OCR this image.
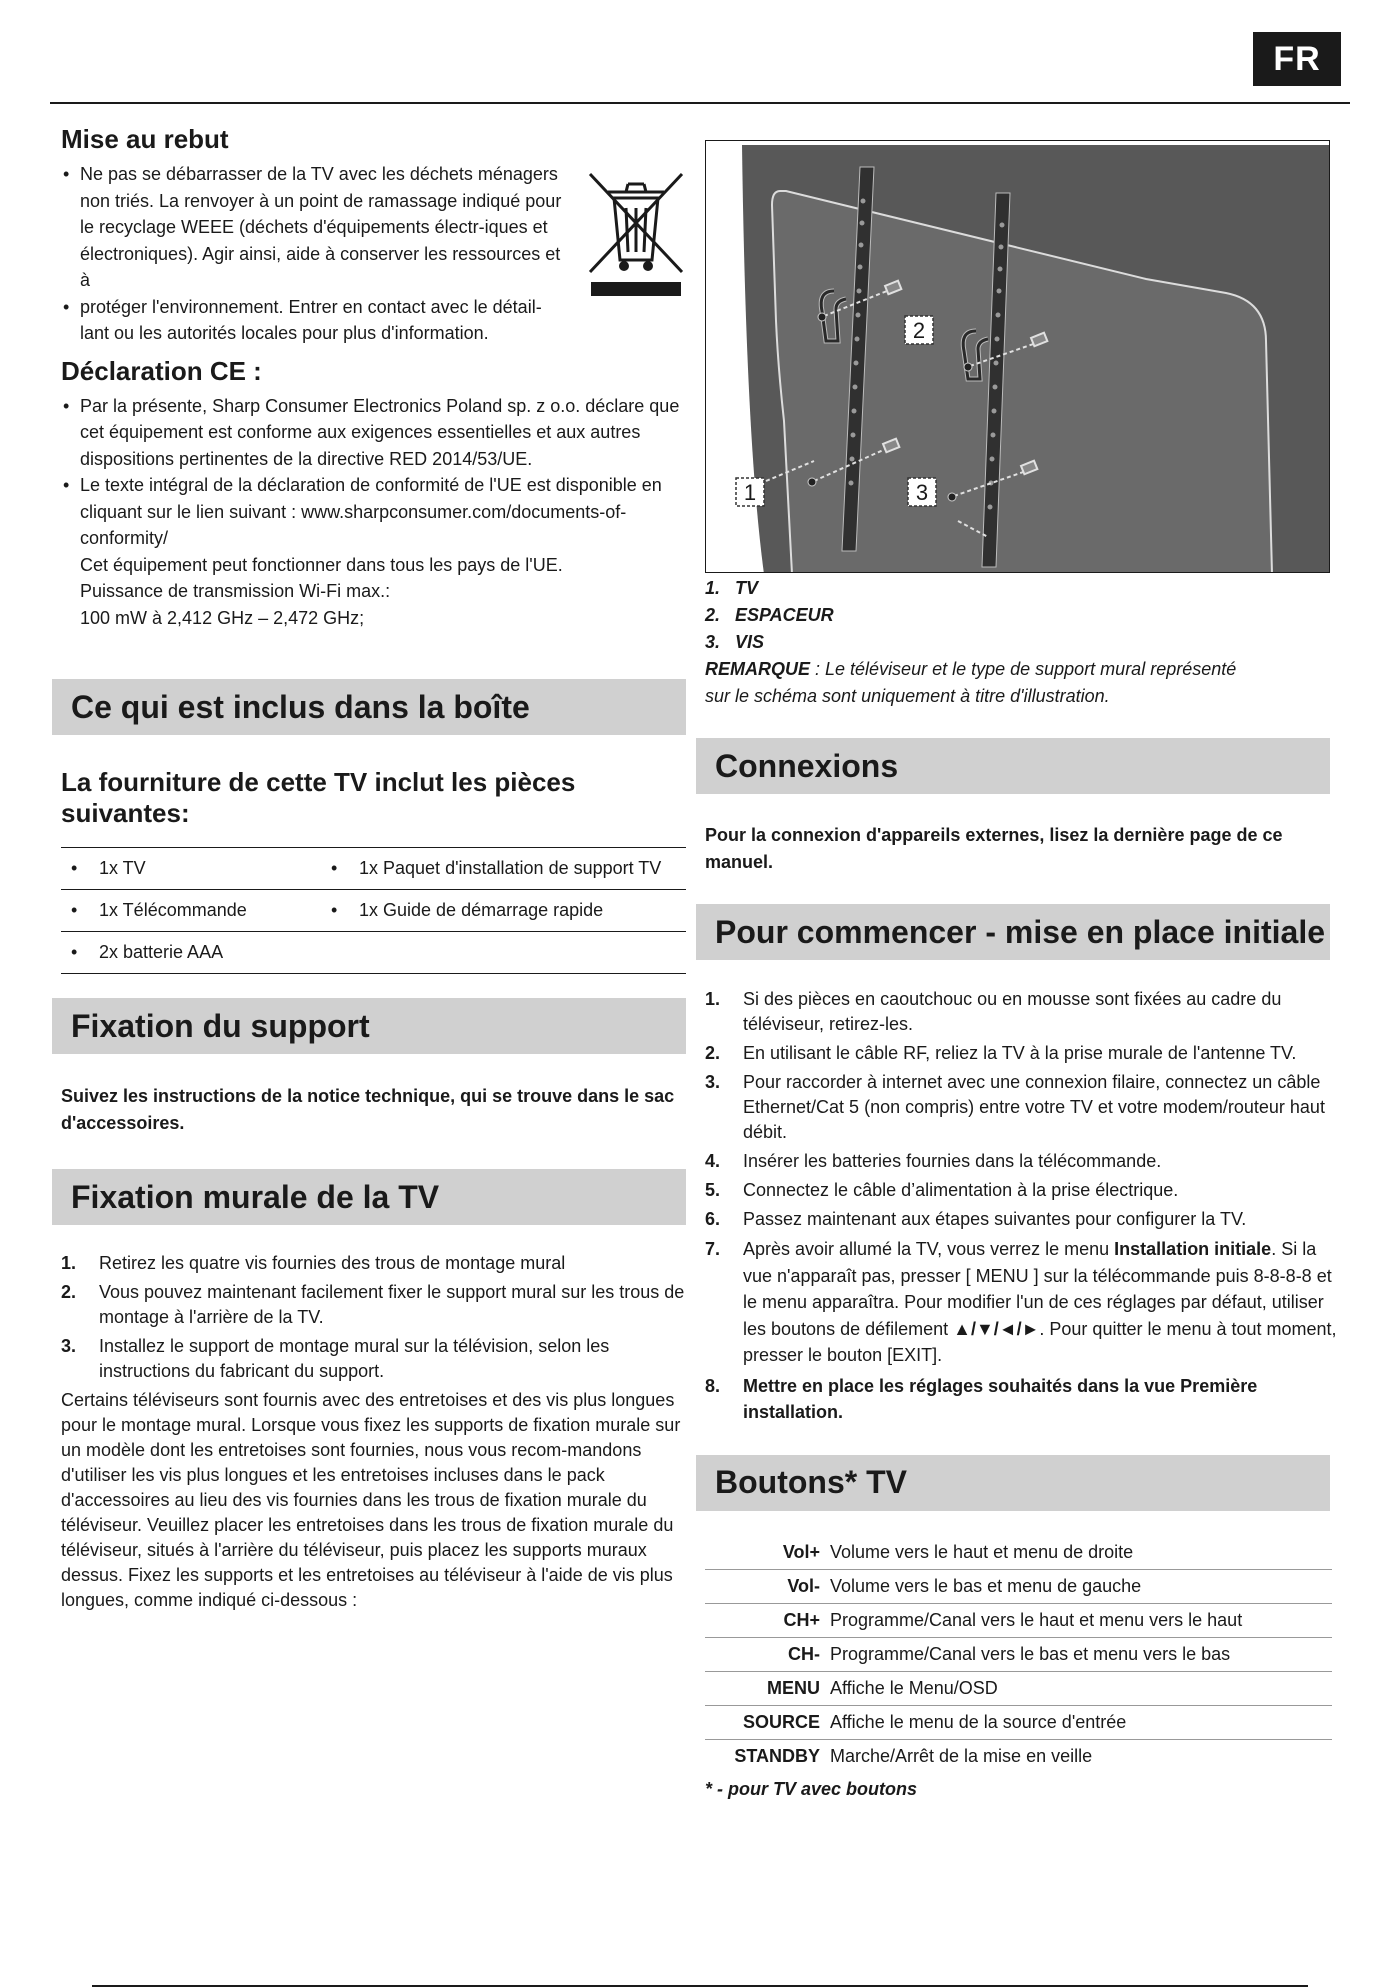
FR
Mise au rebut
• Ne pas se débarrasser de la TV avec les déchets ménagers non triés. La renvoyer à un point de ramassage indiqué pour le recyclage WEEE (déchets d'équipements électr-iques et électroniques). Agir ainsi, aide à conserver les ressources et à
• protéger l'environnement. Entrer en contact avec le détail-lant ou les autorités locales pour plus d'information.
Déclaration CE :
• Par la présente, Sharp Consumer Electronics Poland sp. z o.o. déclare que cet équipement est conforme aux exigences essentielles et aux autres dispositions pertinentes de la directive RED 2014/53/UE.
• Le texte intégral de la déclaration de conformité de l'UE est disponible en cliquant sur le lien suivant : www.sharpconsumer.com/documents-of-conformity/
Cet équipement peut fonctionner dans tous les pays de l'UE.
Puissance de transmission Wi-Fi max.:
100 mW à 2,412 GHz – 2,472 GHz;
Ce qui est inclus dans la boîte
La fourniture de cette TV inclut les pièces suivantes:
• 1x TV	• 1x Paquet d'installation de support TV

• 1x Télécommande	• 1x Guide de démarrage rapide

• 2x batterie AAA

Fixation du support
Suivez les instructions de la notice technique, qui se trouve dans le sac d'accessoires.
Fixation murale de la TV
1. Retirez les quatre vis fournies des trous de montage mural
2. Vous pouvez maintenant facilement fixer le support mural sur les trous de montage à l'arrière de la TV.
3. Installez le support de montage mural sur la télévision, selon les instructions du fabricant du support.
Certains téléviseurs sont fournis avec des entretoises et des vis plus longues pour le montage mural. Lorsque vous fixez les supports de fixation murale sur un modèle dont les entretoises sont fournies, nous vous recom-mandons d'utiliser les vis plus longues et les entretoises incluses dans le pack d'accessoires au lieu des vis fournies dans les trous de fixation murale du téléviseur. Veuillez placer les entretoises dans les trous de fixation murale du téléviseur, situés à l'arrière du téléviseur, puis placez les supports muraux dessus. Fixez les supports et les entretoises au téléviseur à l'aide de vis plus longues, comme indiqué ci-dessous :
2
1	3
1. TV
2. ESPACEUR
3. VIS
REMARQUE : Le téléviseur et le type de support mural représenté sur le schéma sont uniquement à titre d'illustration.
Connexions
Pour la connexion d'appareils externes, lisez la dernière page de ce manuel.
Pour commencer - mise en place initiale
1. Si des pièces en caoutchouc ou en mousse sont fixées au cadre du téléviseur, retirez-les.
2. En utilisant le câble RF, reliez la TV à la prise murale de l'antenne TV.
3. Pour raccorder à internet avec une connexion filaire, connectez un câble Ethernet/Cat 5 (non compris) entre votre TV et votre modem/routeur haut débit.
4. Insérer les batteries fournies dans la télécommande.
5. Connectez le câble d’alimentation à la prise électrique.
6. Passez maintenant aux étapes suivantes pour configurer la TV.
7. Après avoir allumé la TV, vous verrez le menu Installation initiale. Si la vue n'apparaît pas, presser [ MENU ] sur la télécommande puis 8-8-8-8 et le menu apparaîtra. Pour modifier l'un de ces réglages par défaut, utiliser les boutons de défilement ▲/▼/◄/►. Pour quitter le menu à tout moment, presser le bouton [EXIT].
8. Mettre en place les réglages souhaités dans la vue Première installation.
Boutons* TV
Vol+	Volume vers le haut et menu de droite
Vol-	Volume vers le bas et menu de gauche
CH+	Programme/Canal vers le haut et menu vers le haut
CH-	Programme/Canal vers le bas et menu vers le bas
MENU	Affiche le Menu/OSD
SOURCE	Affiche le menu de la source d'entrée
STANDBY	Marche/Arrêt de la mise en veille
* - pour TV avec boutons
